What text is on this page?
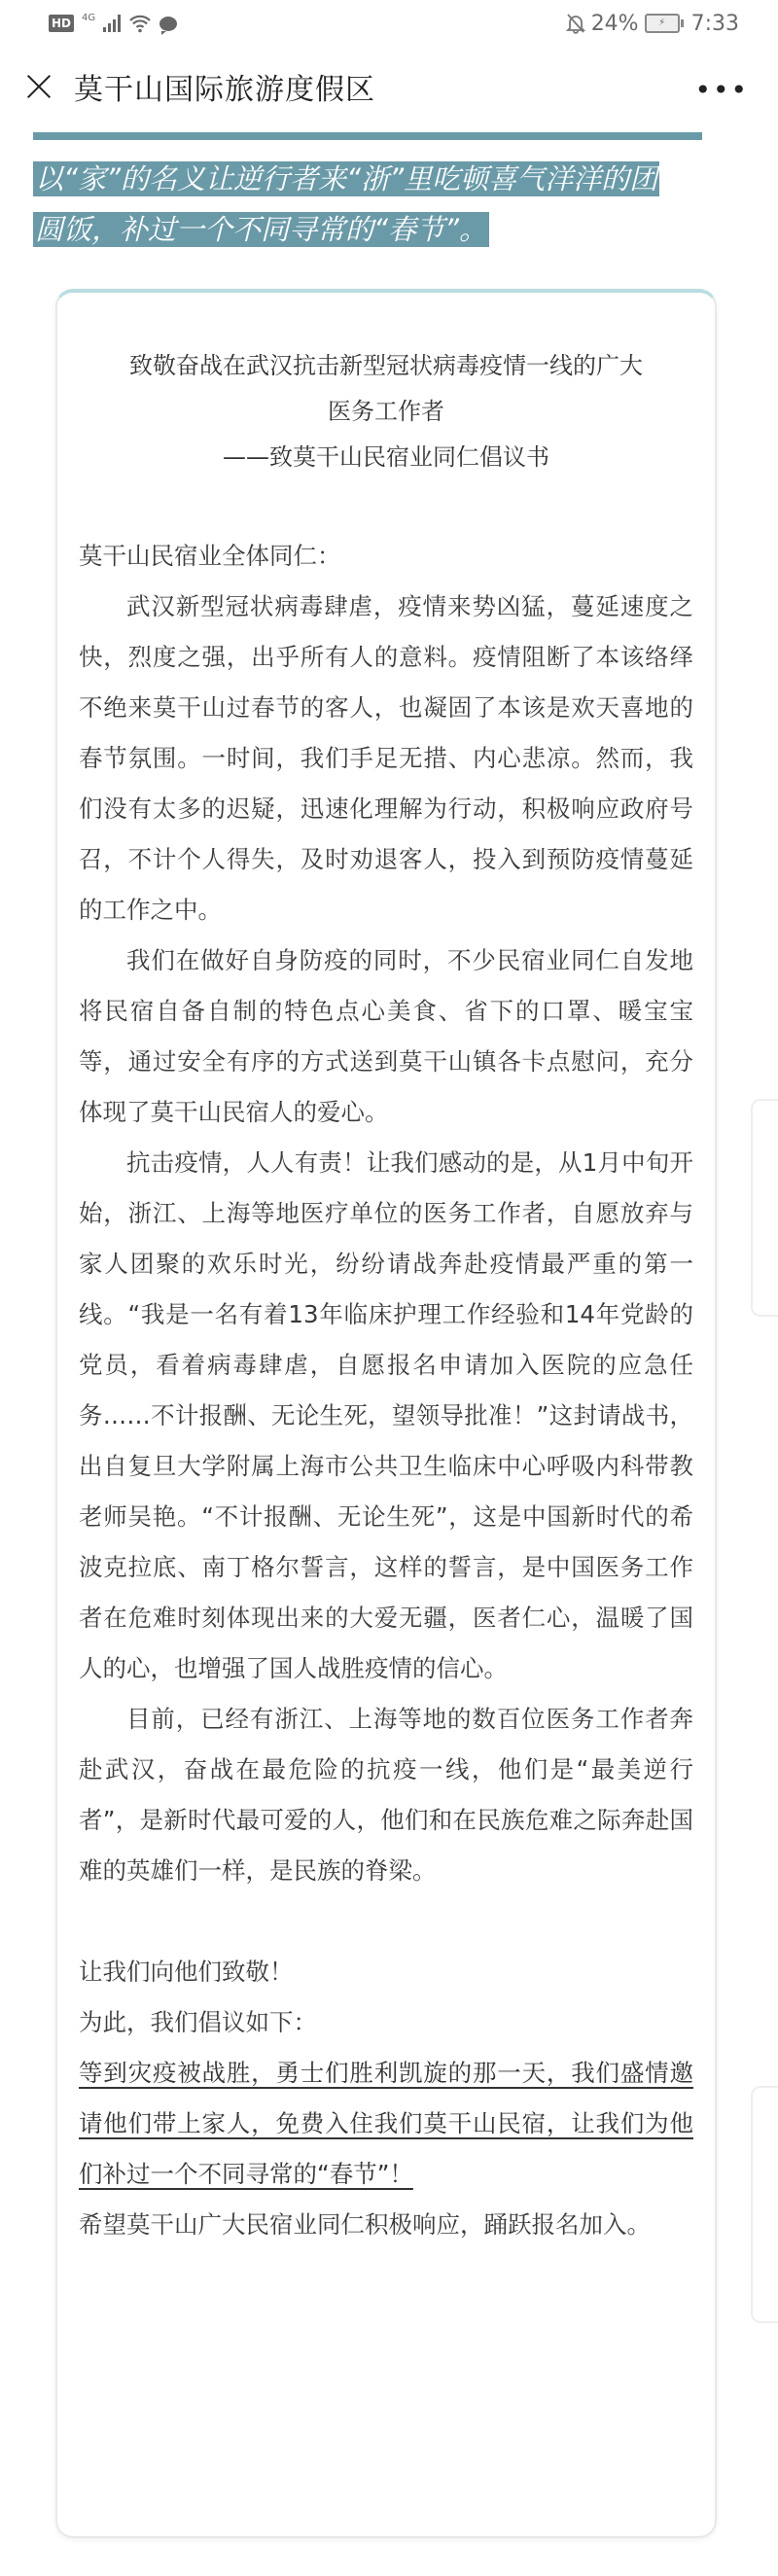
HD	4G	24%	⚡	7:33
莫干山国际旅游度假区	•••
以“家”的名义让逆行者来“浙”里吃顿喜气洋洋的团
圆饭，补过一个不同寻常的“春节”。
致敬奋战在武汉抗击新型冠状病毒疫情一线的广大
医务工作者
——致莫干山民宿业同仁倡议书

莫干山民宿业全体同仁：

武汉新型冠状病毒肆虐，疫情来势凶猛，蔓延速度之快，烈度之强，出乎所有人的意料。疫情阻断了本该络绎不绝来莫干山过春节的客人，也凝固了本该是欢天喜地的春节氛围。一时间，我们手足无措、内心悲凉。然而，我们没有太多的迟疑，迅速化理解为行动，积极响应政府号召，不计个人得失，及时劝退客人，投入到预防疫情蔓延的工作之中。

我们在做好自身防疫的同时，不少民宿业同仁自发地将民宿自备自制的特色点心美食、省下的口罩、暖宝宝等，通过安全有序的方式送到莫干山镇各卡点慰问，充分体现了莫干山民宿人的爱心。

抗击疫情，人人有责！让我们感动的是，从1月中旬开始，浙江、上海等地医疗单位的医务工作者，自愿放弃与家人团聚的欢乐时光，纷纷请战奔赴疫情最严重的第一线。“我是一名有着13年临床护理工作经验和14年党龄的党员，看着病毒肆虐，自愿报名申请加入医院的应急任务……不计报酬、无论生死，望领导批准！”这封请战书，出自复旦大学附属上海市公共卫生临床中心呼吸内科带教老师吴艳。“不计报酬、无论生死”，这是中国新时代的希波克拉底、南丁格尔誓言，这样的誓言，是中国医务工作者在危难时刻体现出来的大爱无疆，医者仁心，温暖了国人的心，也增强了国人战胜疫情的信心。

目前，已经有浙江、上海等地的数百位医务工作者奔赴武汉，奋战在最危险的抗疫一线，他们是“最美逆行者”，是新时代最可爱的人，他们和在民族危难之际奔赴国难的英雄们一样，是民族的脊梁。

让我们向他们致敬！

为此，我们倡议如下：

等到灾疫被战胜，勇士们胜利凯旋的那一天，我们盛情邀请他们带上家人，免费入住我们莫干山民宿，让我们为他们补过一个不同寻常的“春节”！

希望莫干山广大民宿业同仁积极响应，踊跃报名加入。
